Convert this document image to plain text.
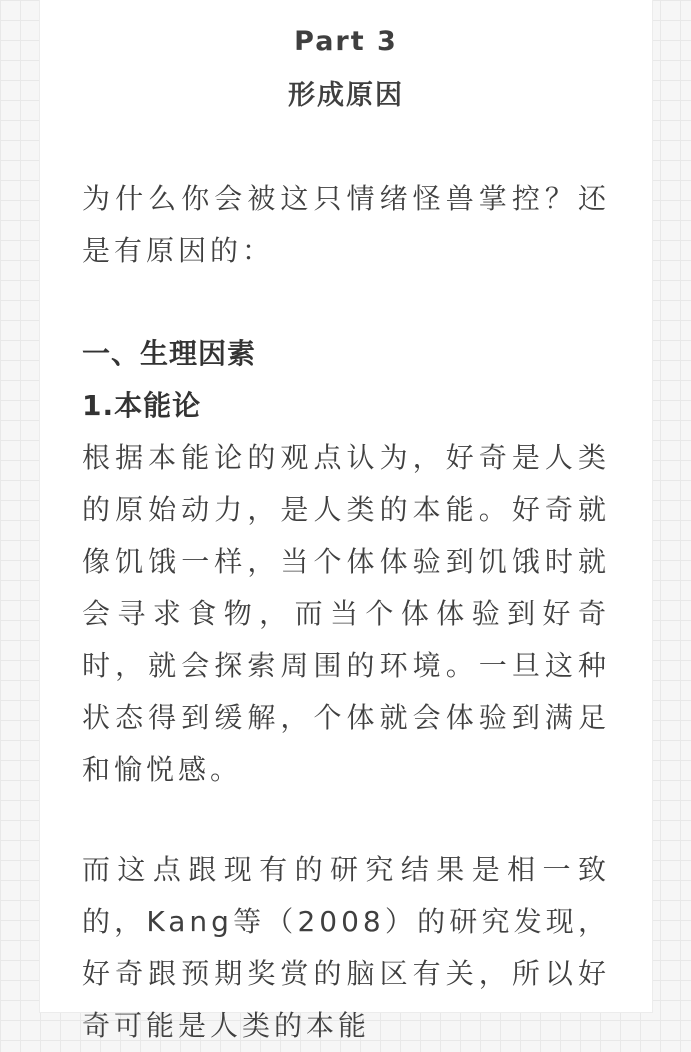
Part 3
形成原因
为什么你会被这只情绪怪兽掌控？还是有原因的：
一、生理因素
1.本能论
根据本能论的观点认为，好奇是人类的原始动力，是人类的本能。好奇就像饥饿一样，当个体体验到饥饿时就会寻求食物，而当个体体验到好奇时，就会探索周围的环境。一旦这种状态得到缓解，个体就会体验到满足和愉悦感。
而这点跟现有的研究结果是相一致的，Kang等（2008）的研究发现，好奇跟预期奖赏的脑区有关，所以好奇可能是人类的本能
